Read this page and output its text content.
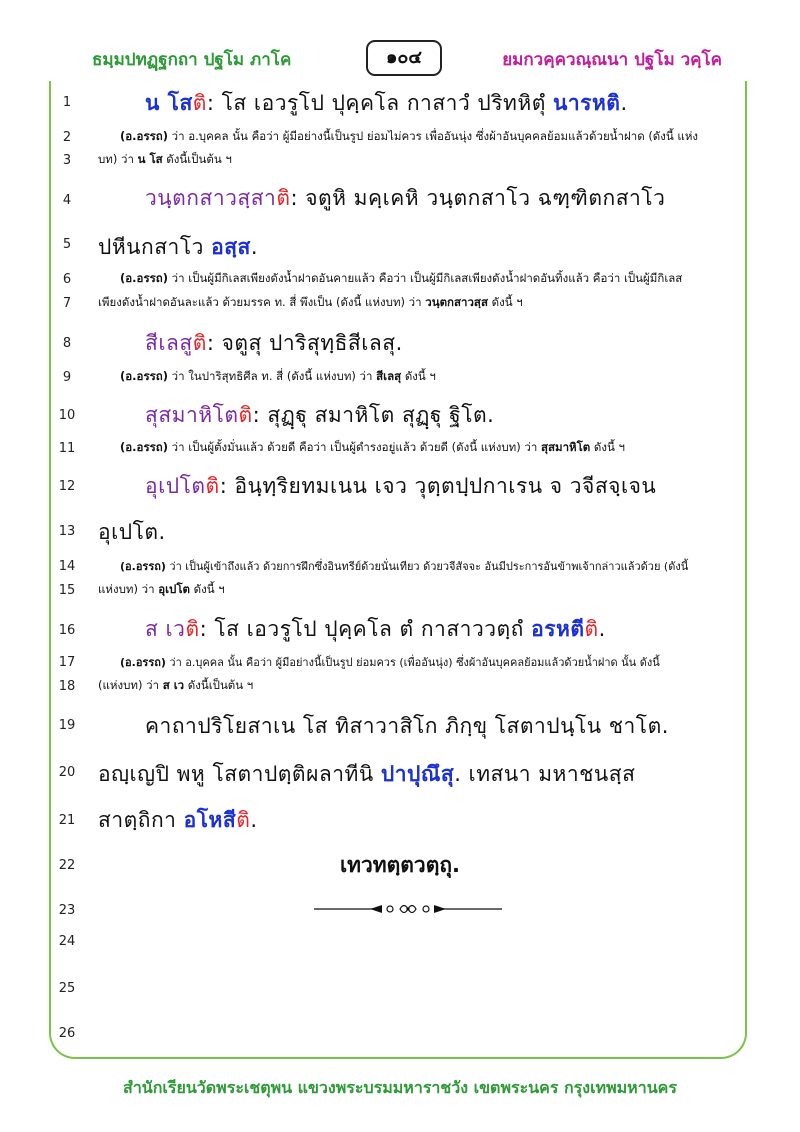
ธมฺมปทฏฺฐกถา ปฐโม ภาโค	๑๐๔	ยมกวคฺควณฺณนา ปฐโม วคฺโค
1
2
3
4
5
6
7
8
9
10
11
12
13
14
15
16
17
18
19
20
21
22
23
24
25
26
น โสติ: โส เอวรูโป ปุคฺคโล กาสาวํ ปริทหิตุํ นารหติ.
(อ.อรรถ) ว่า อ.บุคคล นั้น คือว่า ผู้มีอย่างนี้เป็นรูป ย่อมไม่ควร เพื่ออันนุ่ง ซึ่งผ้าอันบุคคลย้อมแล้วด้วยน้ำฝาด (ดังนี้ แห่ง
บท) ว่า น โส ดังนี้เป็นต้น ฯ
วนฺตกสาวสฺสาติ: จตูหิ มคฺเคหิ วนฺตกสาโว ฉฑฺฑิตกสาโว
ปหีนกสาโว อสฺส.
(อ.อรรถ) ว่า เป็นผู้มีกิเลสเพียงดังน้ำฝาดอันคายแล้ว คือว่า เป็นผู้มีกิเลสเพียงดังน้ำฝาดอันทิ้งแล้ว คือว่า เป็นผู้มีกิเลส
เพียงดังน้ำฝาดอันละแล้ว ด้วยมรรค ท. สี่ พึงเป็น (ดังนี้ แห่งบท) ว่า วนฺตกสาวสฺส ดังนี้ ฯ
สีเลสูติ: จตูสุ ปาริสุทฺธิสีเลสุ.
(อ.อรรถ) ว่า ในปาริสุทธิศีล ท. สี่ (ดังนี้ แห่งบท) ว่า สีเลสุ ดังนี้ ฯ
สุสมาหิโตติ: สุฏฺฐุ สมาหิโต สุฏฺฐุ ฐิโต.
(อ.อรรถ) ว่า เป็นผู้ตั้งมั่นแล้ว ด้วยดี คือว่า เป็นผู้ดำรงอยู่แล้ว ด้วยดี (ดังนี้ แห่งบท) ว่า สุสมาหิโต ดังนี้ ฯ
อุเปโตติ: อินฺทฺริยทมเนน เจว วุตฺตปฺปกาเรน จ วจีสจฺเจน
อุเปโต.
(อ.อรรถ) ว่า เป็นผู้เข้าถึงแล้ว ด้วยการฝึกซึ่งอินทรีย์ด้วยนั่นเทียว ด้วยวจีสัจจะ อันมีประการอันข้าพเจ้ากล่าวแล้วด้วย (ดังนี้
แห่งบท) ว่า อุเปโต ดังนี้ ฯ
ส เวติ: โส เอวรูโป ปุคฺคโล ตํ กาสาววตฺถํ อรหตีติ.
(อ.อรรถ) ว่า อ.บุคคล นั้น คือว่า ผู้มีอย่างนี้เป็นรูป ย่อมควร (เพื่ออันนุ่ง) ซึ่งผ้าอันบุคคลย้อมแล้วด้วยน้ำฝาด นั้น ดังนี้
(แห่งบท) ว่า ส เว ดังนี้เป็นต้น ฯ
คาถาปริโยสาเน โส ทิสาวาสิโก ภิกฺขุ โสตาปนฺโน ชาโต.
อญฺเญปิ พหู โสตาปตฺติผลาทีนิ ปาปุณึสุ. เทสนา มหาชนสฺส
สาตฺถิกา อโหสีติ.
เทวทตฺตวตฺถุ.
สำนักเรียนวัดพระเชตุพน แขวงพระบรมมหาราชวัง เขตพระนคร กรุงเทพมหานคร
